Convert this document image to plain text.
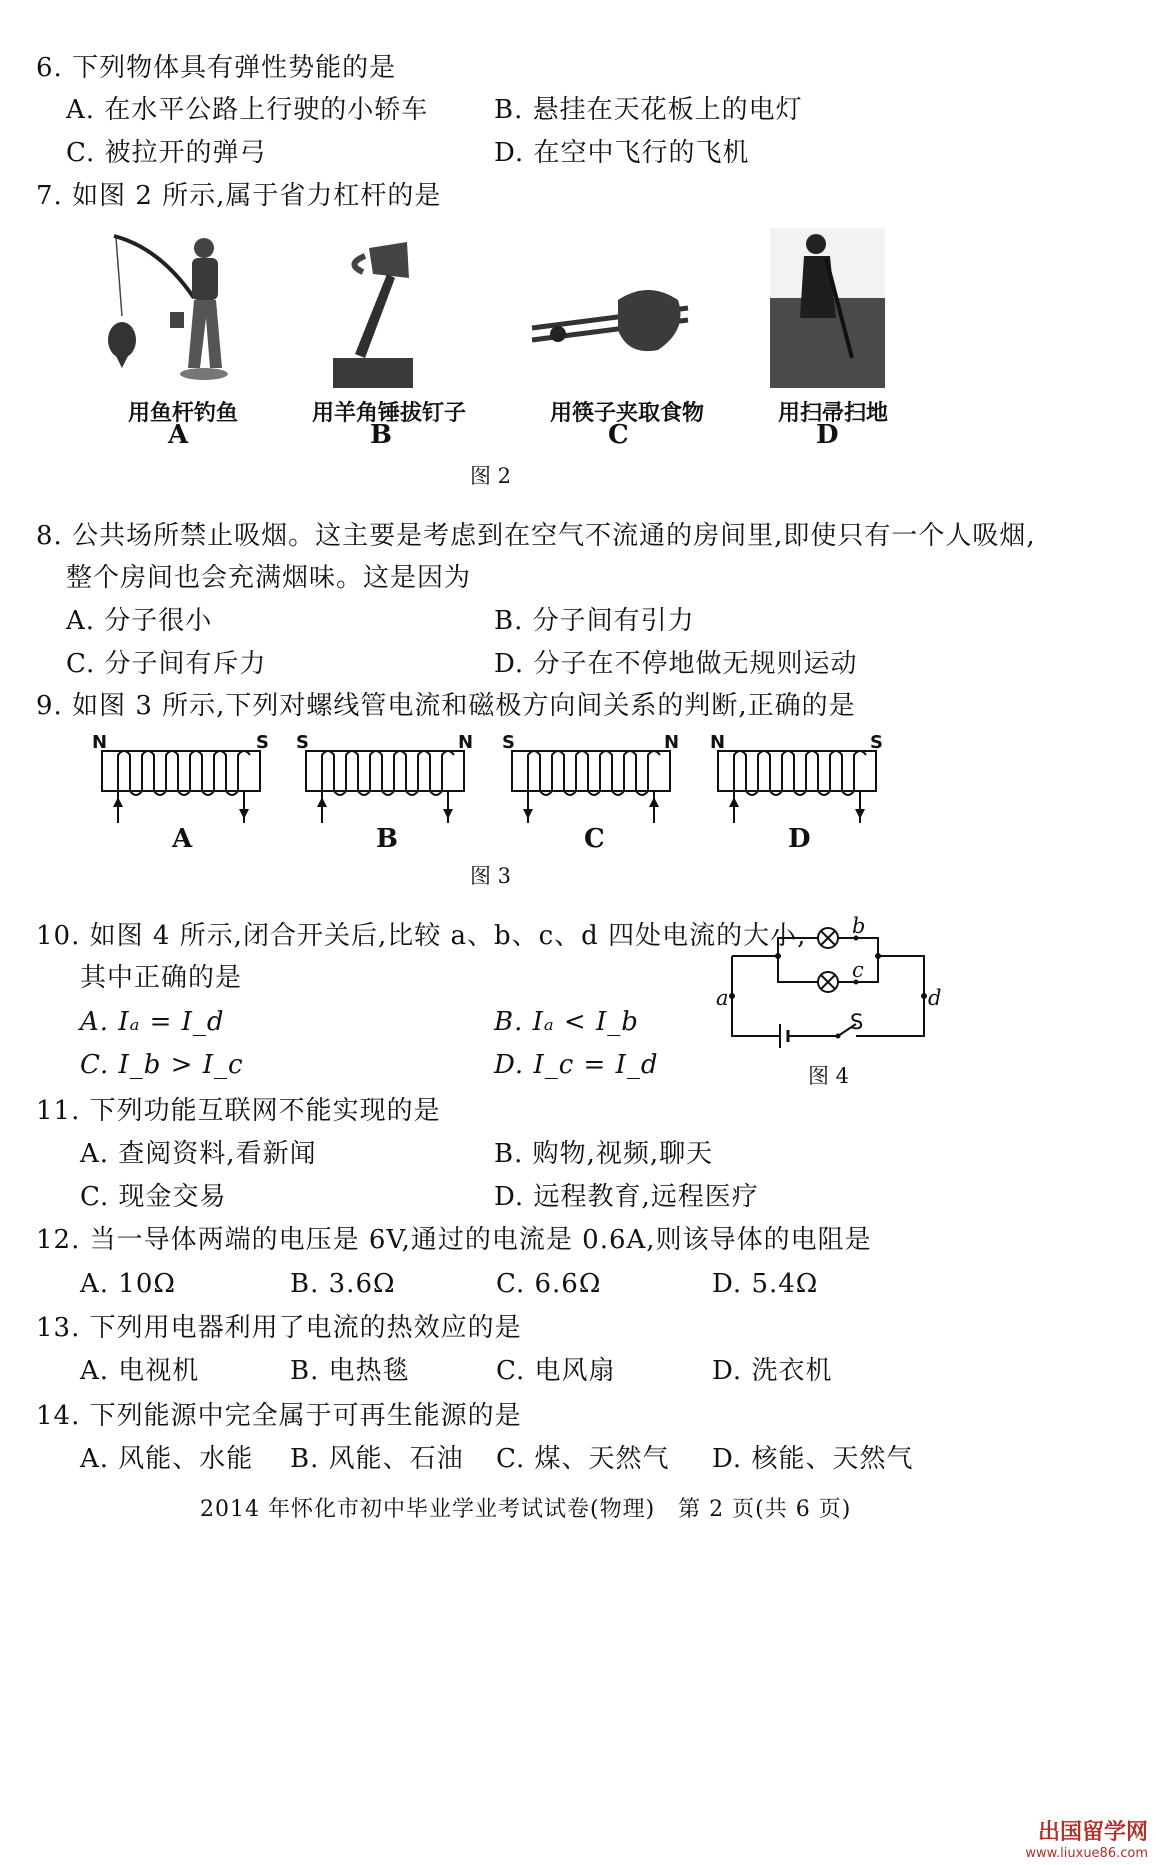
6. 下列物体具有弹性势能的是
A. 在水平公路上行驶的小轿车	B. 悬挂在天花板上的电灯
C. 被拉开的弹弓	D. 在空中飞行的飞机
7. 如图 2 所示,属于省力杠杆的是
用鱼杆钓鱼
A
用羊角锤拔钉子
B
用筷子夹取食物
C
用扫帚扫地
D
图 2
8. 公共场所禁止吸烟。这主要是考虑到在空气不流通的房间里,即使只有一个人吸烟,
整个房间也会充满烟味。这是因为
A. 分子很小	B. 分子间有引力
C. 分子间有斥力	D. 分子在不停地做无规则运动
9. 如图 3 所示,下列对螺线管电流和磁极方向间关系的判断,正确的是
N	S S	N S	N N	S
A	B	C	D
图 3
10. 如图 4 所示,闭合开关后,比较 a、b、c、d 四处电流的大小,
其中正确的是
A. Iₐ = I_d	B. Iₐ < I_b
C. I_b > I_c	D. I_c = I_d
a
b
c
d
S
图 4
11. 下列功能互联网不能实现的是
A. 查阅资料,看新闻	B. 购物,视频,聊天
C. 现金交易	D. 远程教育,远程医疗
12. 当一导体两端的电压是 6V,通过的电流是 0.6A,则该导体的电阻是
A. 10Ω	B. 3.6Ω	C. 6.6Ω	D. 5.4Ω
13. 下列用电器利用了电流的热效应的是
A. 电视机	B. 电热毯	C. 电风扇	D. 洗衣机
14. 下列能源中完全属于可再生能源的是
A. 风能、水能 B. 风能、石油 C. 煤、天然气 D. 核能、天然气
2014 年怀化市初中毕业学业考试试卷(物理)　第 2 页(共 6 页)
出国留学网
www.liuxue86.com
